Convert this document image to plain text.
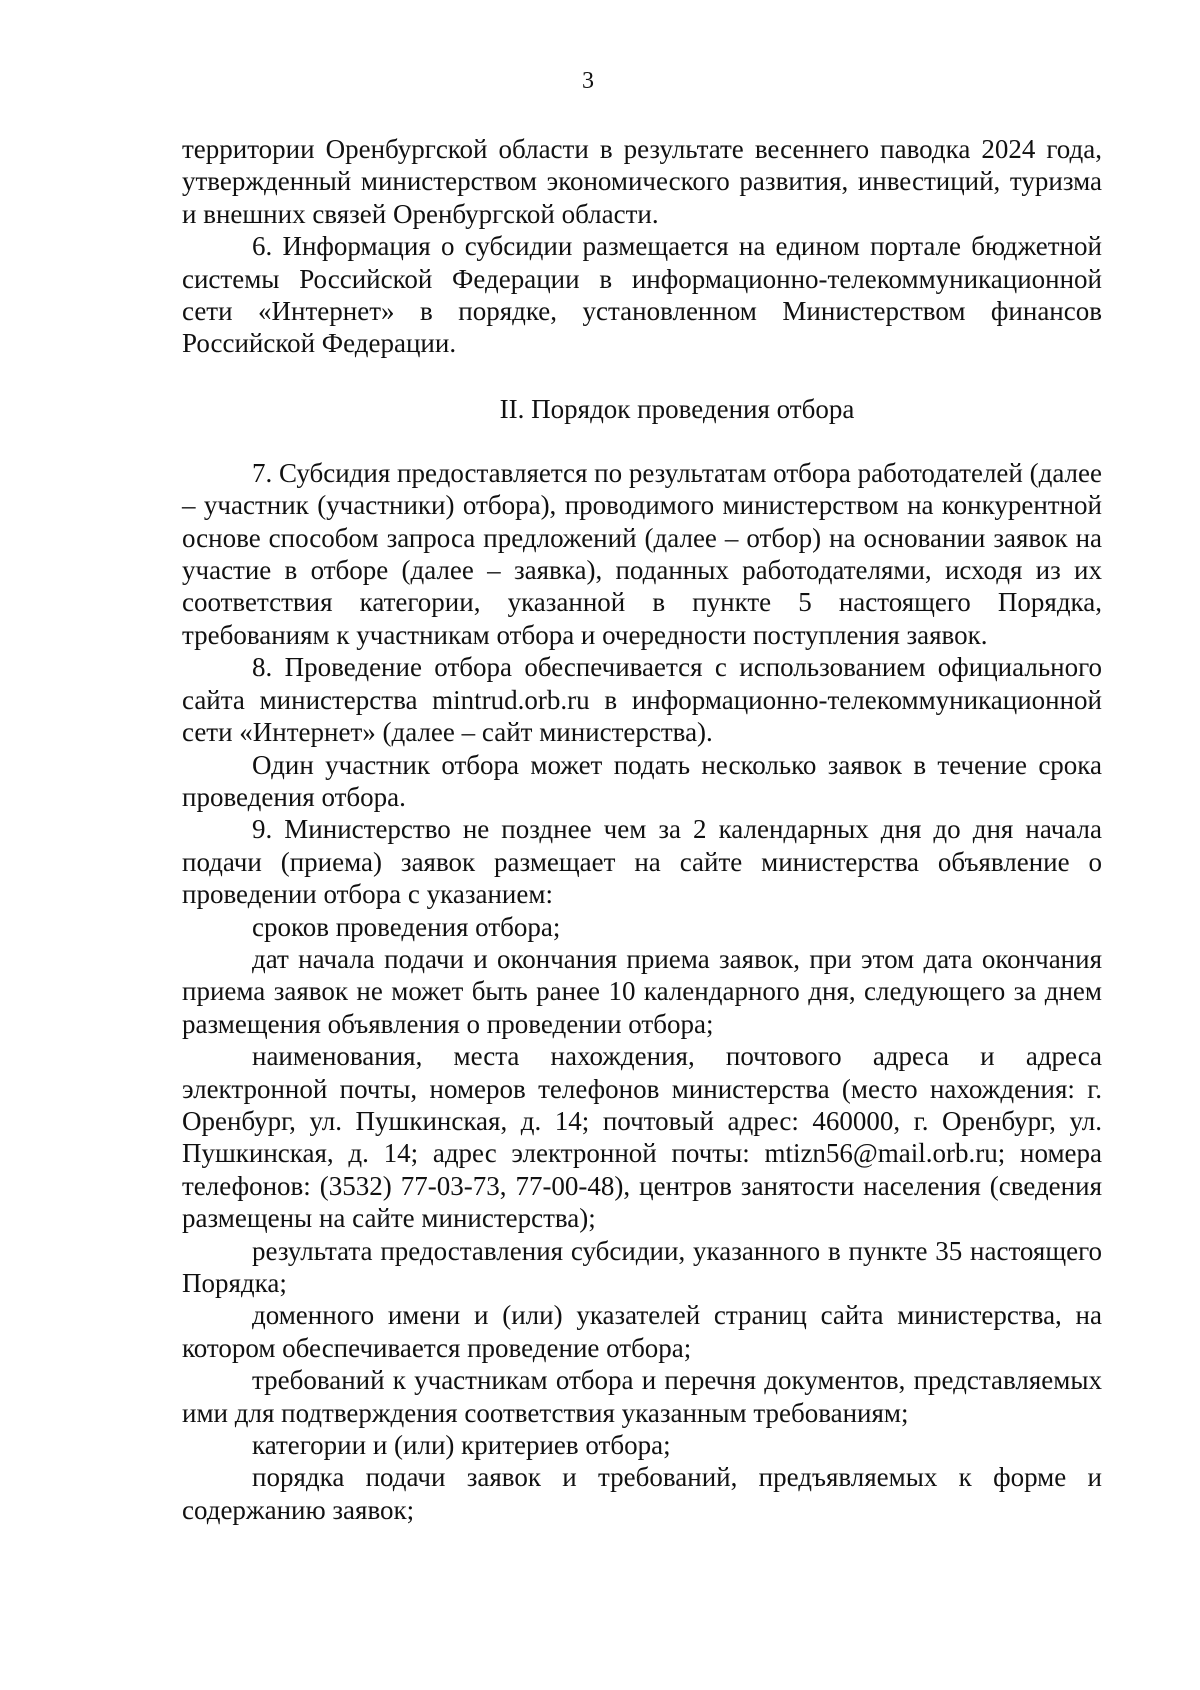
3

территории Оренбургской области в результате весеннего паводка 2024 года, утвержденный министерством экономического развития, инвестиций, туризма и внешних связей Оренбургской области.

6. Информация о субсидии размещается на едином портале бюджетной системы Российской Федерации в информационно-телекоммуникационной сети «Интернет» в порядке, установленном Министерством финансов Российской Федерации.

II. Порядок проведения отбора

7. Субсидия предоставляется по результатам отбора работодателей (далее – участник (участники) отбора), проводимого министерством на конкурентной основе способом запроса предложений (далее – отбор) на основании заявок на участие в отборе (далее – заявка), поданных работодателями, исходя из их соответствия категории, указанной в пункте 5 настоящего Порядка, требованиям к участникам отбора и очередности поступления заявок.

8. Проведение отбора обеспечивается с использованием официального сайта министерства mintrud.orb.ru в информационно-телекоммуникационной сети «Интернет» (далее – сайт министерства).

Один участник отбора может подать несколько заявок в течение срока проведения отбора.

9. Министерство не позднее чем за 2 календарных дня до дня начала подачи (приема) заявок размещает на сайте министерства объявление о проведении отбора с указанием:

сроков проведения отбора;

дат начала подачи и окончания приема заявок, при этом дата окончания приема заявок не может быть ранее 10 календарного дня, следующего за днем размещения объявления о проведении отбора;

наименования, места нахождения, почтового адреса и адреса электронной почты, номеров телефонов министерства (место нахождения: г. Оренбург, ул. Пушкинская, д. 14; почтовый адрес: 460000, г. Оренбург, ул. Пушкинская, д. 14; адрес электронной почты: mtizn56@mail.orb.ru; номера телефонов: (3532) 77-03-73, 77-00-48), центров занятости населения (сведения размещены на сайте министерства);

результата предоставления субсидии, указанного в пункте 35 настоящего Порядка;

доменного имени и (или) указателей страниц сайта министерства, на котором обеспечивается проведение отбора;

требований к участникам отбора и перечня документов, представляемых ими для подтверждения соответствия указанным требованиям;

категории и (или) критериев отбора;

порядка подачи заявок и требований, предъявляемых к форме и содержанию заявок;
